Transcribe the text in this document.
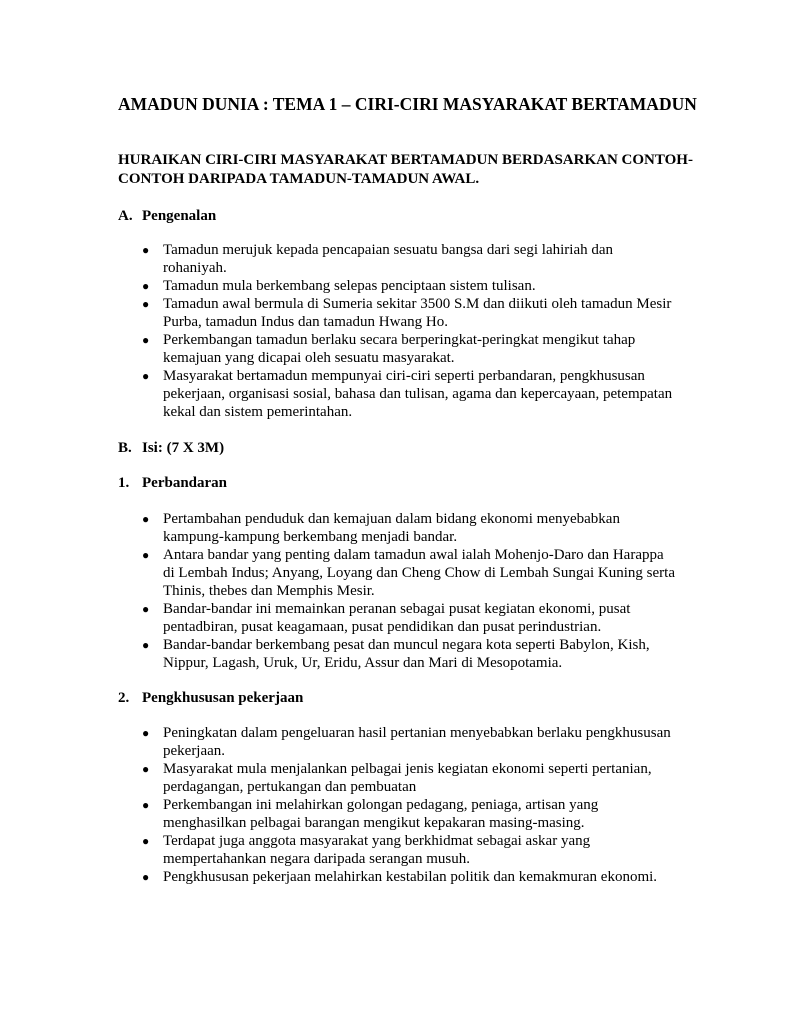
AMADUN DUNIA : TEMA 1 – CIRI-CIRI MASYARAKAT BERTAMADUN
HURAIKAN CIRI-CIRI MASYARAKAT BERTAMADUN BERDASARKAN CONTOH-CONTOH DARIPADA TAMADUN-TAMADUN AWAL.
A. Pengenalan
● Tamadun merujuk kepada pencapaian sesuatu bangsa dari segi lahiriah dan rohaniyah.
● Tamadun mula berkembang selepas penciptaan sistem tulisan.
● Tamadun awal bermula di Sumeria sekitar 3500 S.M dan diikuti oleh tamadun Mesir Purba, tamadun Indus dan tamadun Hwang Ho.
● Perkembangan tamadun berlaku secara berperingkat-peringkat mengikut tahap kemajuan yang dicapai oleh sesuatu masyarakat.
● Masyarakat bertamadun mempunyai ciri-ciri seperti perbandaran, pengkhususan pekerjaan, organisasi sosial, bahasa dan tulisan, agama dan kepercayaan, petempatan kekal dan sistem pemerintahan.
B. Isi: (7 X 3M)
1. Perbandaran
● Pertambahan penduduk dan kemajuan dalam bidang ekonomi menyebabkan kampung-kampung berkembang menjadi bandar.
● Antara bandar yang penting dalam tamadun awal ialah Mohenjo-Daro dan Harappa di Lembah Indus; Anyang, Loyang dan Cheng Chow di Lembah Sungai Kuning serta Thinis, thebes dan Memphis Mesir.
● Bandar-bandar ini memainkan peranan sebagai pusat kegiatan ekonomi, pusat pentadbiran, pusat keagamaan, pusat pendidikan dan pusat perindustrian.
● Bandar-bandar berkembang pesat dan muncul negara kota seperti Babylon, Kish, Nippur, Lagash, Uruk, Ur, Eridu, Assur dan Mari di Mesopotamia.
2. Pengkhususan pekerjaan
● Peningkatan dalam pengeluaran hasil pertanian menyebabkan berlaku pengkhususan pekerjaan.
● Masyarakat mula menjalankan pelbagai jenis kegiatan ekonomi seperti pertanian, perdagangan, pertukangan dan pembuatan
● Perkembangan ini melahirkan golongan pedagang, peniaga, artisan yang menghasilkan pelbagai barangan mengikut kepakaran masing-masing.
● Terdapat juga anggota masyarakat yang berkhidmat sebagai askar yang mempertahankan negara daripada serangan musuh.
● Pengkhususan pekerjaan melahirkan kestabilan politik dan kemakmuran ekonomi.
